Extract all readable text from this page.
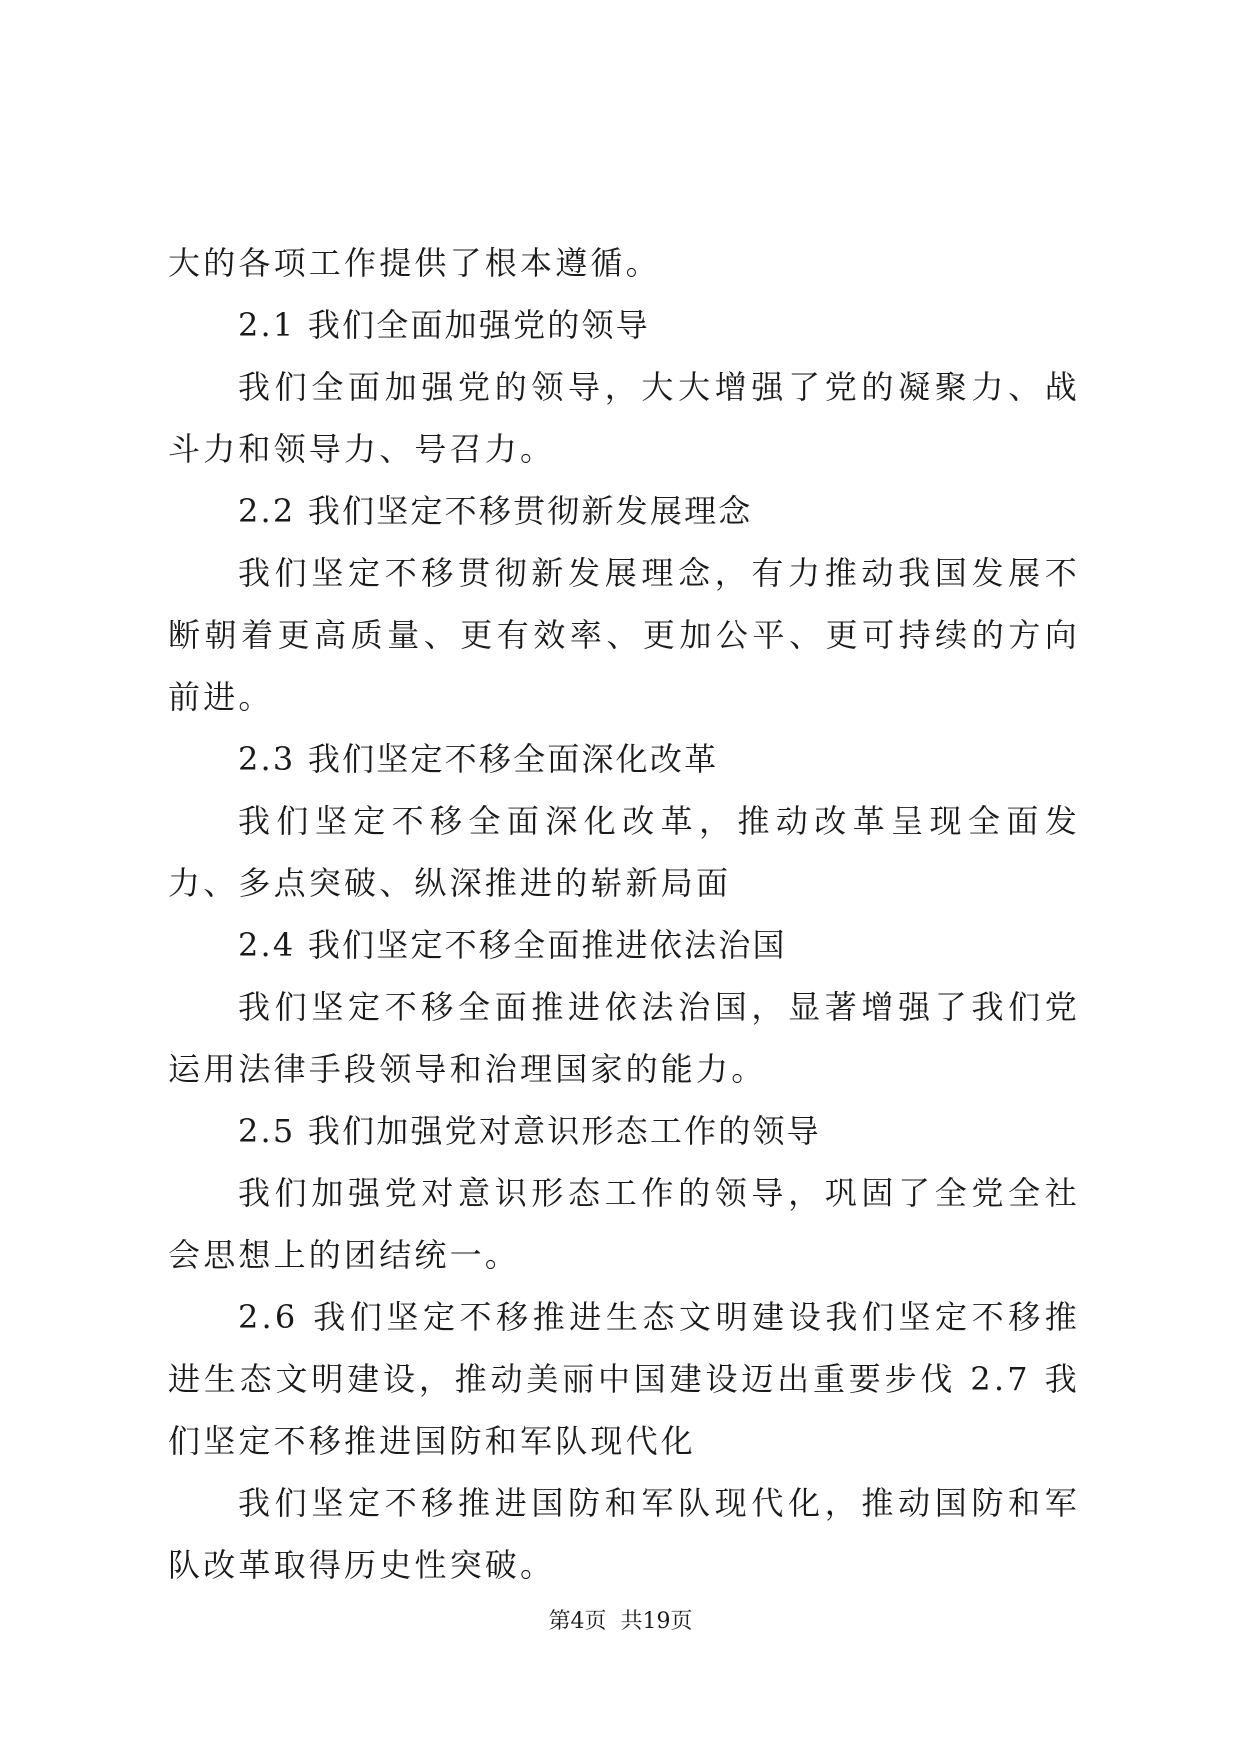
大的各项工作提供了根本遵循。

2.1 我们全面加强党的领导

我们全面加强党的领导，大大增强了党的凝聚力、战斗力和领导力、号召力。

2.2 我们坚定不移贯彻新发展理念

我们坚定不移贯彻新发展理念，有力推动我国发展不断朝着更高质量、更有效率、更加公平、更可持续的方向前进。

2.3 我们坚定不移全面深化改革

我们坚定不移全面深化改革，推动改革呈现全面发力、多点突破、纵深推进的崭新局面

2.4 我们坚定不移全面推进依法治国

我们坚定不移全面推进依法治国，显著增强了我们党运用法律手段领导和治理国家的能力。

2.5 我们加强党对意识形态工作的领导

我们加强党对意识形态工作的领导，巩固了全党全社会思想上的团结统一。

2.6 我们坚定不移推进生态文明建设我们坚定不移推进生态文明建设，推动美丽中国建设迈出重要步伐 2.7 我们坚定不移推进国防和军队现代化

我们坚定不移推进国防和军队现代化，推动国防和军队改革取得历史性突破。

第4页  共19页
